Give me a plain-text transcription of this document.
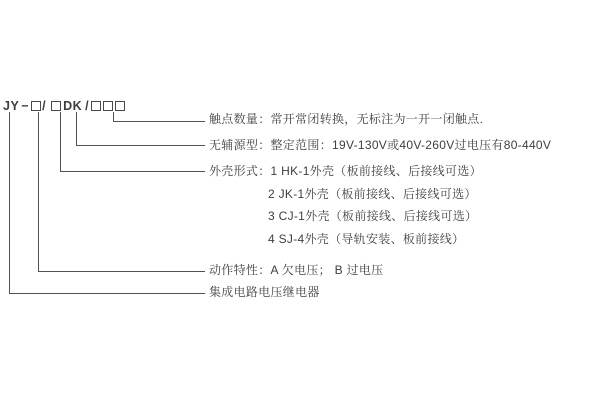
JY − / DK /
触点数量：常开常闭转换，无标注为一开一闭触点.
无辅源型：整定范围：19V-130V或40V-260V过电压有80-440V
外壳形式：1 HK-1外壳（板前接线、后接线可选）
2 JK-1外壳（板前接线、后接线可选）
3 CJ-1外壳（板前接线、后接线可选）
4 SJ-4外壳（导轨安装、板前接线）
动作特性：A 欠电压； B 过电压
集成电路电压继电器
